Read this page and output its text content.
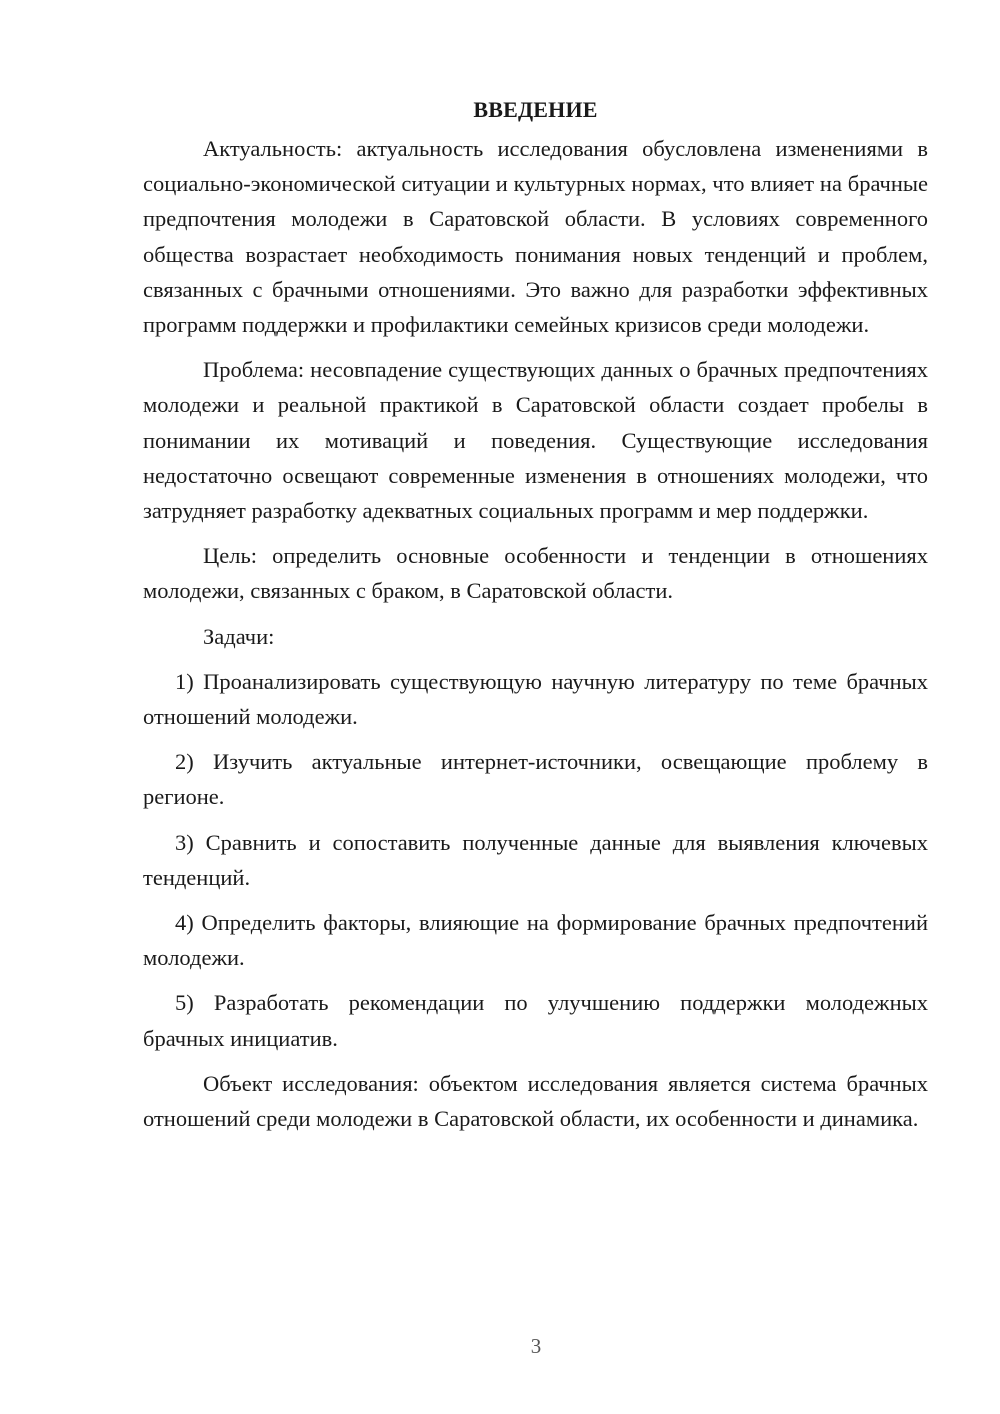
ВВЕДЕНИЕ

Актуальность: актуальность исследования обусловлена изменениями в социально-экономической ситуации и культурных нормах, что влияет на брачные предпочтения молодежи в Саратовской области. В условиях современного общества возрастает необходимость понимания новых тенденций и проблем, связанных с брачными отношениями. Это важно для разработки эффективных программ поддержки и профилактики семейных кризисов среди молодежи.

Проблема: несовпадение существующих данных о брачных предпочтениях молодежи и реальной практикой в Саратовской области создает пробелы в понимании их мотиваций и поведения. Существующие исследования недостаточно освещают современные изменения в отношениях молодежи, что затрудняет разработку адекватных социальных программ и мер поддержки.

Цель: определить основные особенности и тенденции в отношениях молодежи, связанных с браком, в Саратовской области.

Задачи:

1) Проанализировать существующую научную литературу по теме брачных отношений молодежи.

2) Изучить актуальные интернет-источники, освещающие проблему в регионе.

3) Сравнить и сопоставить полученные данные для выявления ключевых тенденций.

4) Определить факторы, влияющие на формирование брачных предпочтений молодежи.

5) Разработать рекомендации по улучшению поддержки молодежных брачных инициатив.

Объект исследования: объектом исследования является система брачных отношений среди молодежи в Саратовской области, их особенности и динамика.

3
